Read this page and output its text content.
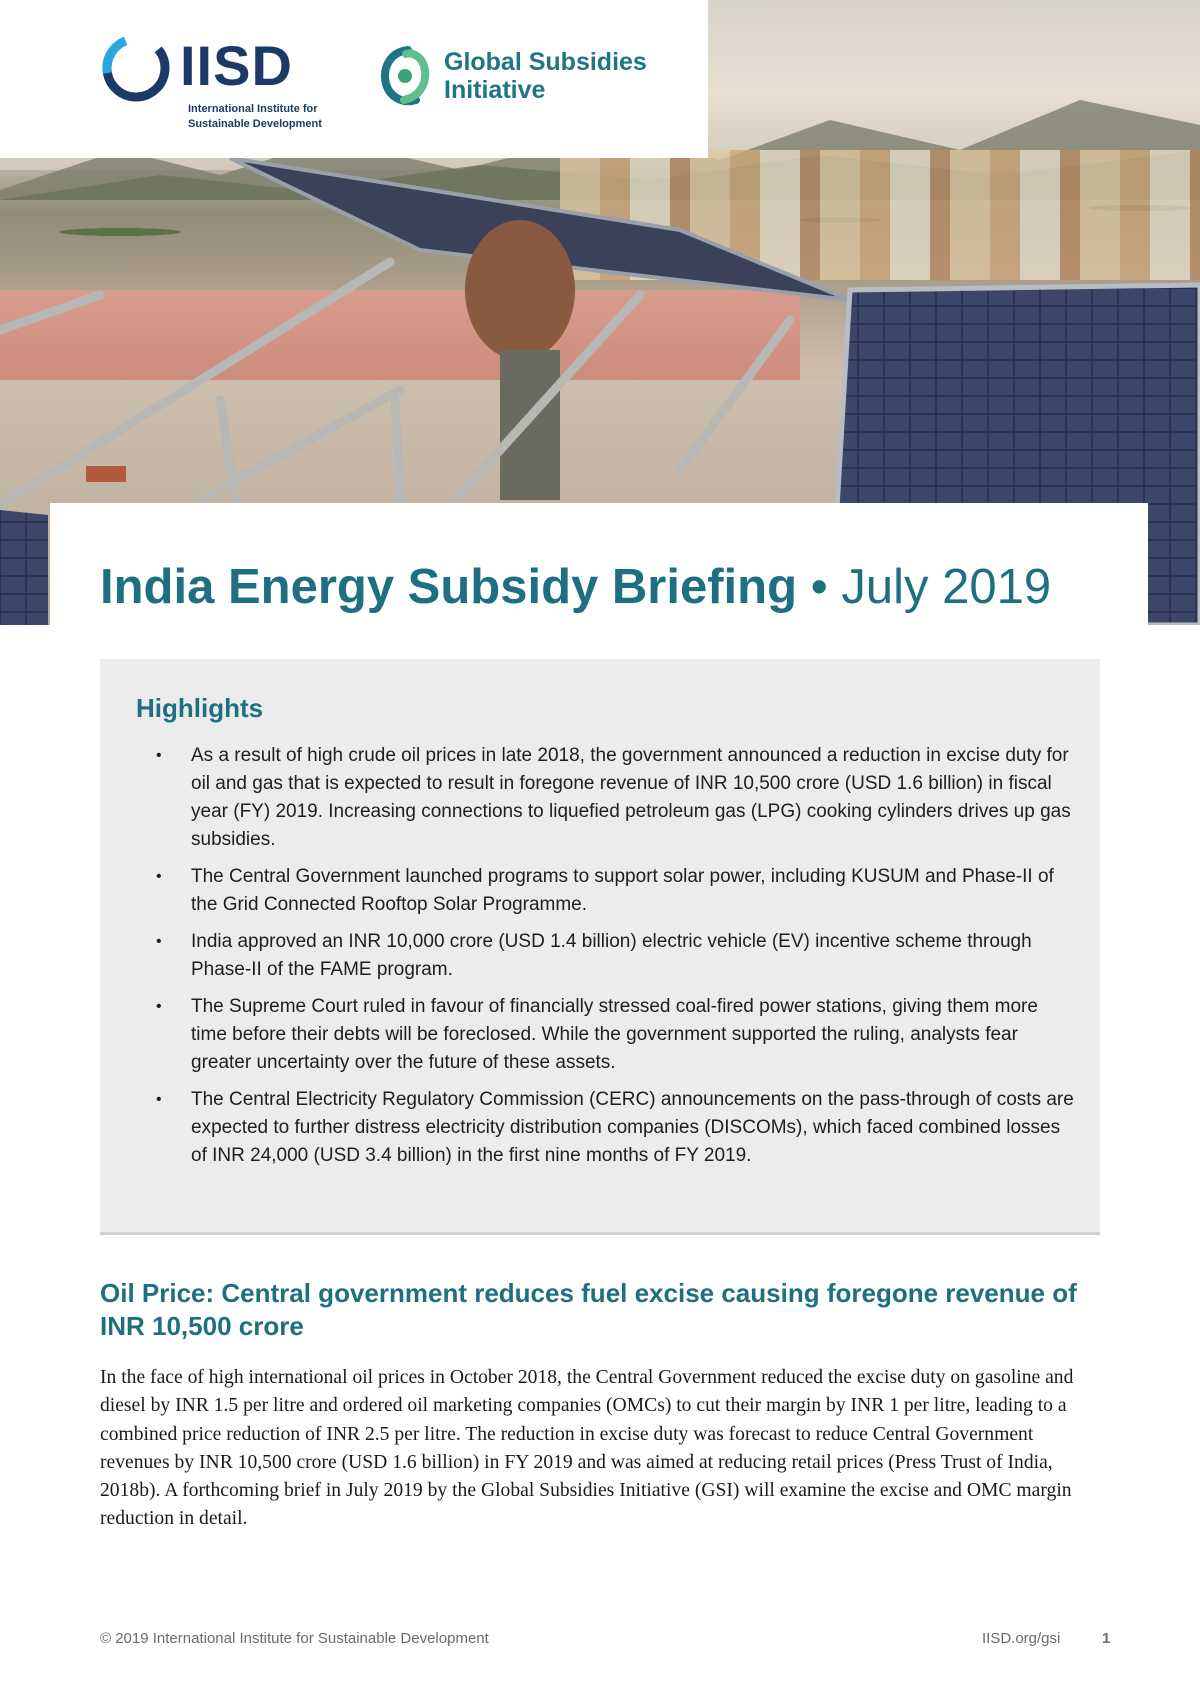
IISD
International Institute for
Sustainable Development
Global Subsidies
Initiative
India Energy Subsidy Briefing • July 2019
Highlights
• As a result of high crude oil prices in late 2018, the government announced a reduction in excise duty for oil and gas that is expected to result in foregone revenue of INR 10,500 crore (USD 1.6 billion) in fiscal year (FY) 2019. Increasing connections to liquefied petroleum gas (LPG) cooking cylinders drives up gas subsidies.
• The Central Government launched programs to support solar power, including KUSUM and Phase-II of the Grid Connected Rooftop Solar Programme.
• India approved an INR 10,000 crore (USD 1.4 billion) electric vehicle (EV) incentive scheme through Phase-II of the FAME program.
• The Supreme Court ruled in favour of financially stressed coal-fired power stations, giving them more time before their debts will be foreclosed. While the government supported the ruling, analysts fear greater uncertainty over the future of these assets.
• The Central Electricity Regulatory Commission (CERC) announcements on the pass-through of costs are expected to further distress electricity distribution companies (DISCOMs), which faced combined losses of INR 24,000 (USD 3.4 billion) in the first nine months of FY 2019.
Oil Price: Central government reduces fuel excise causing foregone revenue of INR 10,500 crore

In the face of high international oil prices in October 2018, the Central Government reduced the excise duty on gasoline and diesel by INR 1.5 per litre and ordered oil marketing companies (OMCs) to cut their margin by INR 1 per litre, leading to a combined price reduction of INR 2.5 per litre. The reduction in excise duty was forecast to reduce Central Government revenues by INR 10,500 crore (USD 1.6 billion) in FY 2019 and was aimed at reducing retail prices (Press Trust of India, 2018b). A forthcoming brief in July 2019 by the Global Subsidies Initiative (GSI) will examine the excise and OMC margin reduction in detail.

© 2019 International Institute for Sustainable Development	IISD.org/gsi	1
